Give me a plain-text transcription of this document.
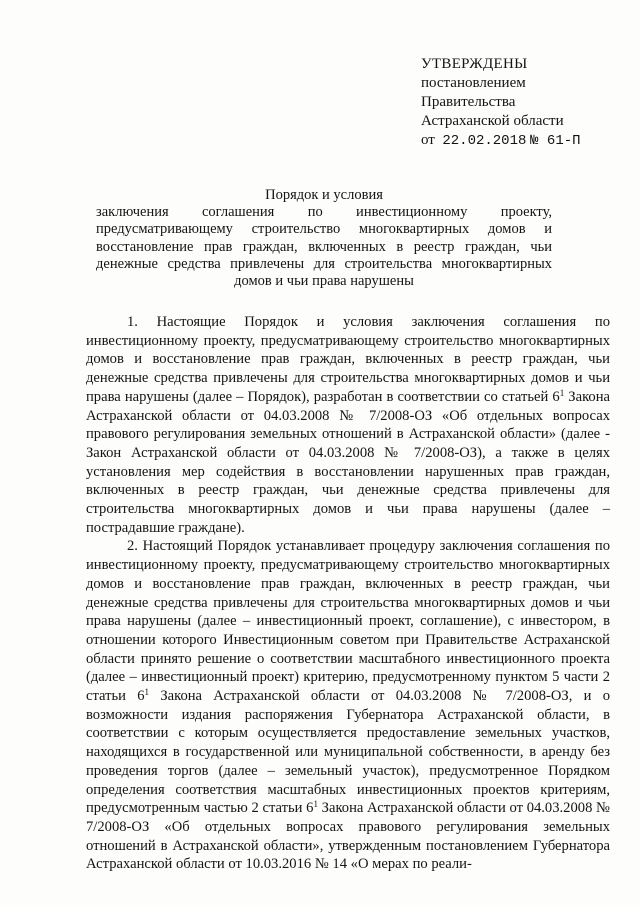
УТВЕРЖДЕНЫ
постановлением
Правительства
Астраханской области
от 22.02.2018 № 61-П
Порядок и условия
заключения соглашения по инвестиционному проекту, предусматривающему строительство многоквартирных домов и восстановление прав граждан, включенных в реестр граждан, чьи денежные средства привлечены для строительства многоквартирных домов и чьи права нарушены

1. Настоящие Порядок и условия заключения соглашения по инвестиционному проекту, предусматривающему строительство многоквартирных домов и восстановление прав граждан, включенных в реестр граждан, чьи денежные средства привлечены для строительства многоквартирных домов и чьи права нарушены (далее – Порядок), разработан в соответствии со статьей $6^1$ Закона Астраханской области от 04.03.2008 № 7/2008-ОЗ «Об отдельных вопросах правового регулирования земельных отношений в Астраханской области» (далее - Закон Астраханской области от 04.03.2008 № 7/2008-ОЗ), а также в целях установления мер содействия в восстановлении нарушенных прав граждан, включенных в реестр граждан, чьи денежные средства привлечены для строительства многоквартирных домов и чьи права нарушены (далее – пострадавшие граждане).

2. Настоящий Порядок устанавливает процедуру заключения соглашения по инвестиционному проекту, предусматривающему строительство многоквартирных домов и восстановление прав граждан, включенных в реестр граждан, чьи денежные средства привлечены для строительства многоквартирных домов и чьи права нарушены (далее – инвестиционный проект, соглашение), с инвестором, в отношении которого Инвестиционным советом при Правительстве Астраханской области принято решение о соответствии масштабного инвестиционного проекта (далее – инвестиционный проект) критерию, предусмотренному пунктом 5 части 2 статьи $6^1$ Закона Астраханской области от 04.03.2008 № 7/2008-ОЗ, и о возможности издания распоряжения Губернатора Астраханской области, в соответствии с которым осуществляется предоставление земельных участков, находящихся в государственной или муниципальной собственности, в аренду без проведения торгов (далее – земельный участок), предусмотренное Порядком определения соответствия масштабных инвестиционных проектов критериям, предусмотренным частью 2 статьи $6^1$ Закона Астраханской области от 04.03.2008 № 7/2008-ОЗ «Об отдельных вопросах правового регулирования земельных отношений в Астраханской области», утвержденным постановлением Губернатора Астраханской области от 10.03.2016 № 14 «О мерах по реали-
